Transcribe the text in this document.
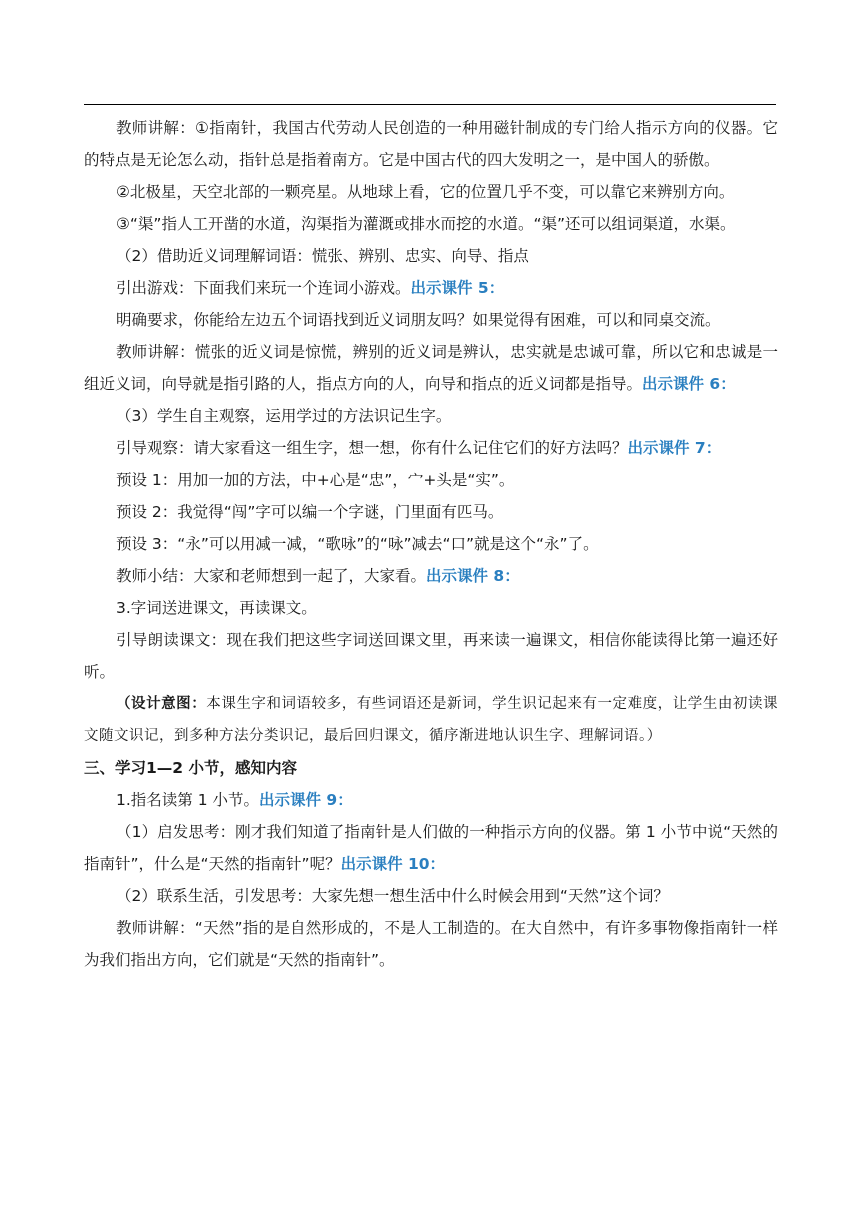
教师讲解：①指南针，我国古代劳动人民创造的一种用磁针制成的专门给人指示方向的仪器。它的特点是无论怎么动，指针总是指着南方。它是中国古代的四大发明之一，是中国人的骄傲。

②北极星，天空北部的一颗亮星。从地球上看，它的位置几乎不变，可以靠它来辨别方向。

③“渠”指人工开凿的水道，沟渠指为灌溉或排水而挖的水道。“渠”还可以组词渠道，水渠。

（2）借助近义词理解词语：慌张、辨别、忠实、向导、指点

引出游戏：下面我们来玩一个连词小游戏。出示课件 5：

明确要求，你能给左边五个词语找到近义词朋友吗？如果觉得有困难，可以和同桌交流。

教师讲解：慌张的近义词是惊慌，辨别的近义词是辨认，忠实就是忠诚可靠，所以它和忠诚是一组近义词，向导就是指引路的人，指点方向的人，向导和指点的近义词都是指导。出示课件 6：

（3）学生自主观察，运用学过的方法识记生字。

引导观察：请大家看这一组生字，想一想，你有什么记住它们的好方法吗？出示课件 7：

预设 1：用加一加的方法，中+心是“忠”，宀+头是“实”。

预设 2：我觉得“闯”字可以编一个字谜，门里面有匹马。

预设 3：“永”可以用减一减，“歌咏”的“咏”减去“口”就是这个“永”了。

教师小结：大家和老师想到一起了，大家看。出示课件 8：

3.字词送进课文，再读课文。

引导朗读课文：现在我们把这些字词送回课文里，再来读一遍课文，相信你能读得比第一遍还好听。

（设计意图：本课生字和词语较多，有些词语还是新词，学生识记起来有一定难度，让学生由初读课文随文识记，到多种方法分类识记，最后回归课文，循序渐进地认识生字、理解词语。）

三、学习1—2 小节，感知内容

1.指名读第 1 小节。出示课件 9：

（1）启发思考：刚才我们知道了指南针是人们做的一种指示方向的仪器。第 1 小节中说“天然的指南针”，什么是“天然的指南针”呢？出示课件 10：

（2）联系生活，引发思考：大家先想一想生活中什么时候会用到“天然”这个词？

教师讲解：“天然”指的是自然形成的，不是人工制造的。在大自然中，有许多事物像指南针一样为我们指出方向，它们就是“天然的指南针”。
